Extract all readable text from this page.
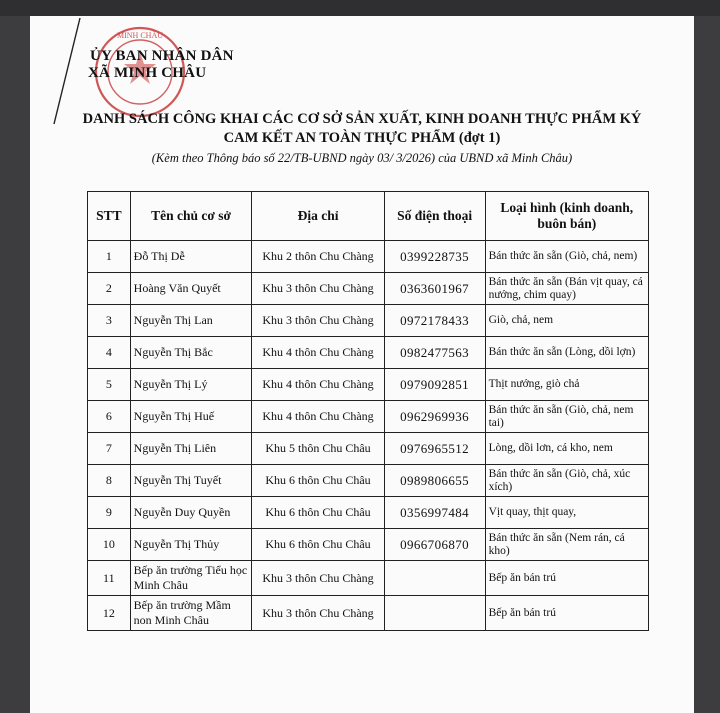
MINH CHÂU
ỦY BAN NHÂN DÂN
XÃ MINH CHÂU
DANH SÁCH CÔNG KHAI CÁC CƠ SỞ SẢN XUẤT, KINH DOANH THỰC PHẨM KÝ
CAM KẾT AN TOÀN THỰC PHẨM (đợt 1)
(Kèm theo Thông báo số 22/TB-UBND ngày 03/ 3/2026) của UBND xã Minh Châu)
STT	Tên chủ cơ sở	Địa chỉ	Số điện thoại	Loại hình (kinh doanh, buôn bán)
1	Đỗ Thị Dễ	Khu 2 thôn Chu Chàng	0399228735	Bán thức ăn sẵn (Giò, chả, nem)
2	Hoàng Văn Quyết	Khu 3 thôn Chu Chàng	0363601967	Bán thức ăn sẵn (Bán vịt quay, cá nướng, chim quay)
3	Nguyễn Thị Lan	Khu 3 thôn Chu Chàng	0972178433	Giò, chả, nem
4	Nguyễn Thị Bắc	Khu 4 thôn Chu Chàng	0982477563	Bán thức ăn sẵn (Lòng, dồi lợn)
5	Nguyễn Thị Lý	Khu 4 thôn Chu Chàng	0979092851	Thịt nướng, giò chả
6	Nguyễn Thị Huế	Khu 4 thôn Chu Chàng	0962969936	Bán thức ăn sẵn (Giò, chả, nem tai)
7	Nguyễn Thị Liên	Khu 5 thôn Chu Châu	0976965512	Lòng, dồi lơn, cá kho, nem
8	Nguyễn Thị Tuyết	Khu 6 thôn Chu Châu	0989806655	Bán thức ăn sẵn (Giò, chả, xúc xích)
9	Nguyễn Duy Quyền	Khu 6 thôn Chu Châu	0356997484	Vịt quay, thịt quay,
10	Nguyễn Thị Thủy	Khu 6 thôn Chu Châu	0966706870	Bán thức ăn sẵn (Nem rán, cá kho)
11	Bếp ăn trường Tiểu học Minh Châu	Khu 3 thôn Chu Chàng		Bếp ăn bán trú
12	Bếp ăn trường Mầm non Minh Châu	Khu 3 thôn Chu Chàng		Bếp ăn bán trú
